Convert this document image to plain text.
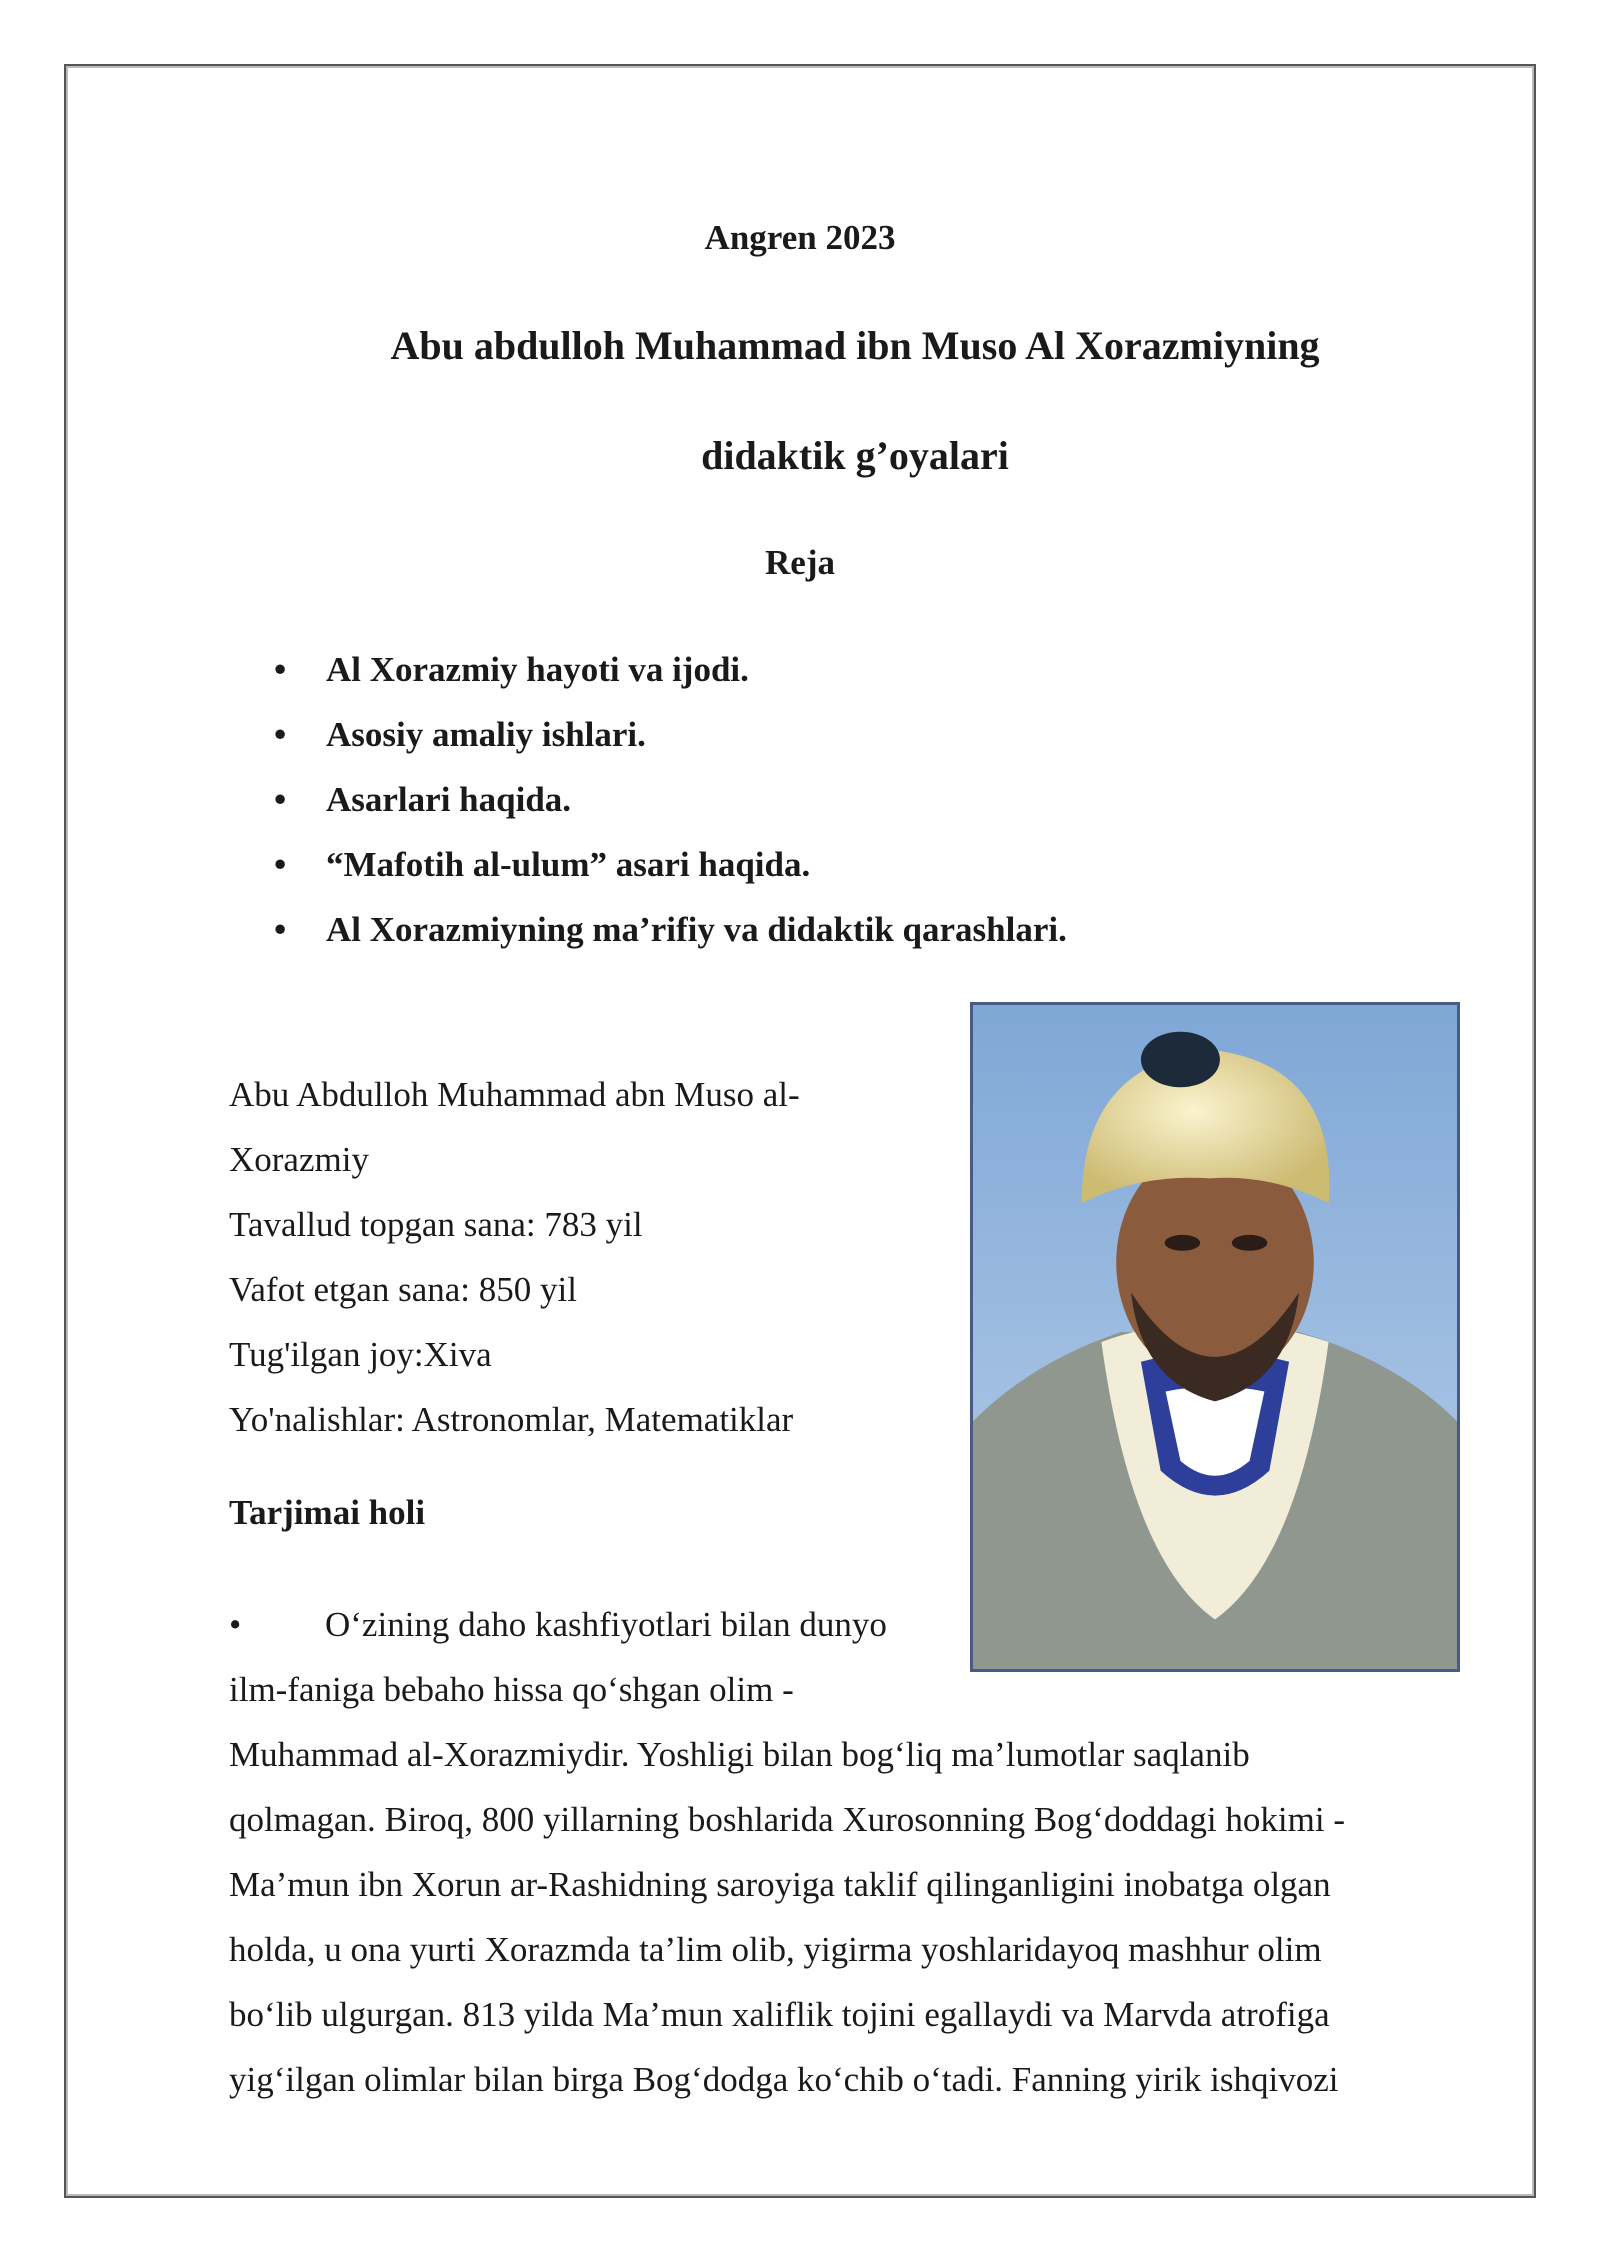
Angren 2023
Abu abdulloh Muhammad ibn Muso Al Xorazmiyning
didaktik g’oyalari
Reja
• Al Xorazmiy hayoti va ijodi.
• Asosiy amaliy ishlari.
• Asarlari haqida.
• “Mafotih al-ulum” asari haqida.
• Al Xorazmiyning ma’rifiy va didaktik qarashlari.
Abu Abdulloh Muhammad abn Muso al-
Xorazmiy
Tavallud topgan sana: 783 yil
Vafot etgan sana: 850 yil
Tug'ilgan joy:Xiva
Yo'nalishlar: Astronomlar, Matematiklar
Tarjimai holi
• O‘zining daho kashfiyotlari bilan dunyo
ilm-faniga bebaho hissa qo‘shgan olim -
Muhammad al-Xorazmiydir. Yoshligi bilan bog‘liq ma’lumotlar saqlanib
qolmagan. Biroq, 800 yillarning boshlarida Xurosonning Bog‘doddagi hokimi -
Ma’mun ibn Xorun ar-Rashidning saroyiga taklif qilinganligini inobatga olgan
holda, u ona yurti Xorazmda ta’lim olib, yigirma yoshlaridayoq mashhur olim
bo‘lib ulgurgan. 813 yilda Ma’mun xaliflik tojini egallaydi va Marvda atrofiga
yig‘ilgan olimlar bilan birga Bog‘dodga ko‘chib o‘tadi. Fanning yirik ishqivozi
